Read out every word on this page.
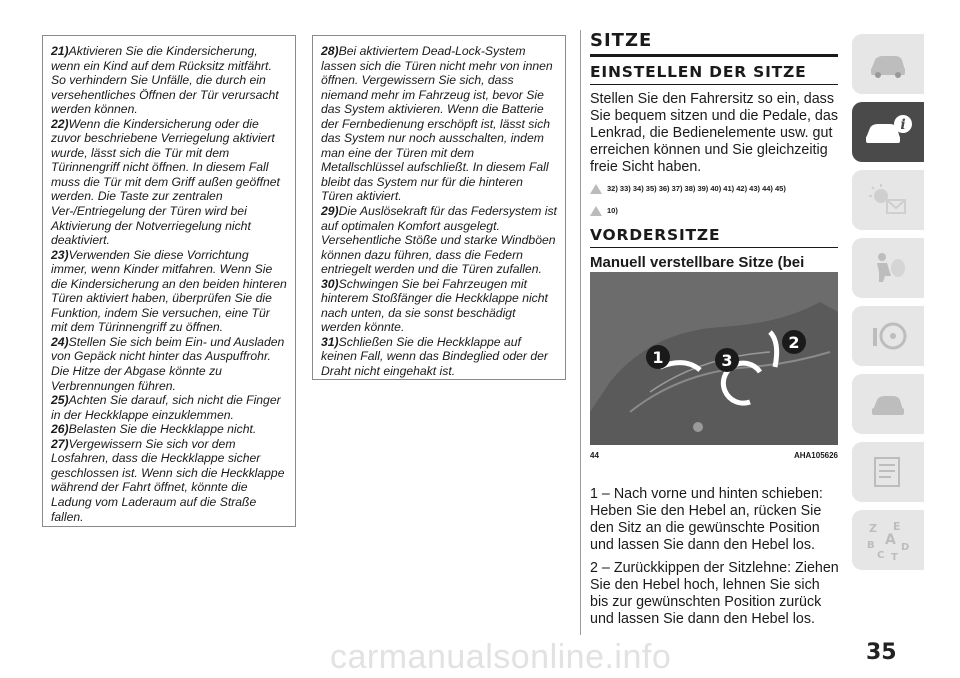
21)Aktivieren Sie die Kindersicherung, wenn ein Kind auf dem Rücksitz mitfährt. So verhindern Sie Unfälle, die durch ein versehentliches Öffnen der Tür verursacht werden können.

22)Wenn die Kindersicherung oder die zuvor beschriebene Verriegelung aktiviert wurde, lässt sich die Tür mit dem Türinnengriff nicht öffnen. In diesem Fall muss die Tür mit dem Griff außen geöffnet werden. Die Taste zur zentralen Ver-/Entriegelung der Türen wird bei Aktivierung der Notverriegelung nicht deaktiviert.

23)Verwenden Sie diese Vorrichtung immer, wenn Kinder mitfahren. Wenn Sie die Kindersicherung an den beiden hinteren Türen aktiviert haben, überprüfen Sie die Funktion, indem Sie versuchen, eine Tür mit dem Türinnengriff zu öffnen.

24)Stellen Sie sich beim Ein- und Ausladen von Gepäck nicht hinter das Auspuffrohr. Die Hitze der Abgase könnte zu Verbrennungen führen.

25)Achten Sie darauf, sich nicht die Finger in der Heckklappe einzuklemmen.

26)Belasten Sie die Heckklappe nicht.

27)Vergewissern Sie sich vor dem Losfahren, dass die Heckklappe sicher geschlossen ist. Wenn sich die Heckklappe während der Fahrt öffnet, könnte die Ladung vom Laderaum auf die Straße fallen.

28)Bei aktiviertem Dead-Lock-System lassen sich die Türen nicht mehr von innen öffnen. Vergewissern Sie sich, dass niemand mehr im Fahrzeug ist, bevor Sie das System aktivieren. Wenn die Batterie der Fernbedienung erschöpft ist, lässt sich das System nur noch ausschalten, indem man eine der Türen mit dem Metallschlüssel aufschließt. In diesem Fall bleibt das System nur für die hinteren Türen aktiviert.

29)Die Auslösekraft für das Federsystem ist auf optimalen Komfort ausgelegt. Versehentliche Stöße und starke Windböen können dazu führen, dass die Federn entriegelt werden und die Türen zufallen.

30)Schwingen Sie bei Fahrzeugen mit hinterem Stoßfänger die Heckklappe nicht nach unten, da sie sonst beschädigt werden könnte.

31)Schließen Sie die Heckklappe auf keinen Fall, wenn das Bindeglied oder der Draht nicht eingehakt ist.

SITZE
EINSTELLEN DER SITZE

Stellen Sie den Fahrersitz so ein, dass Sie bequem sitzen und die Pedale, das Lenkrad, die Bedienelemente usw. gut erreichen können und Sie gleichzeitig freie Sicht haben.

32) 33) 34) 35) 36) 37) 38) 39) 40) 41) 42) 43) 44) 45)
10)
VORDERSITZE

Manuell verstellbare Sitze (bei

1	3
2
44	AHA105626

1 – Nach vorne und hinten schieben: Heben Sie den Hebel an, rücken Sie den Sitz an die gewünschte Position und lassen Sie dann den Hebel los.

2 – Zurückkippen der Sitzlehne: Ziehen Sie den Hebel hoch, lehnen Sie sich bis zur gewünschten Position zurück und lassen Sie dann den Hebel los.

i
Z E
A
B	D
C T
35
carmanualsonline.info
